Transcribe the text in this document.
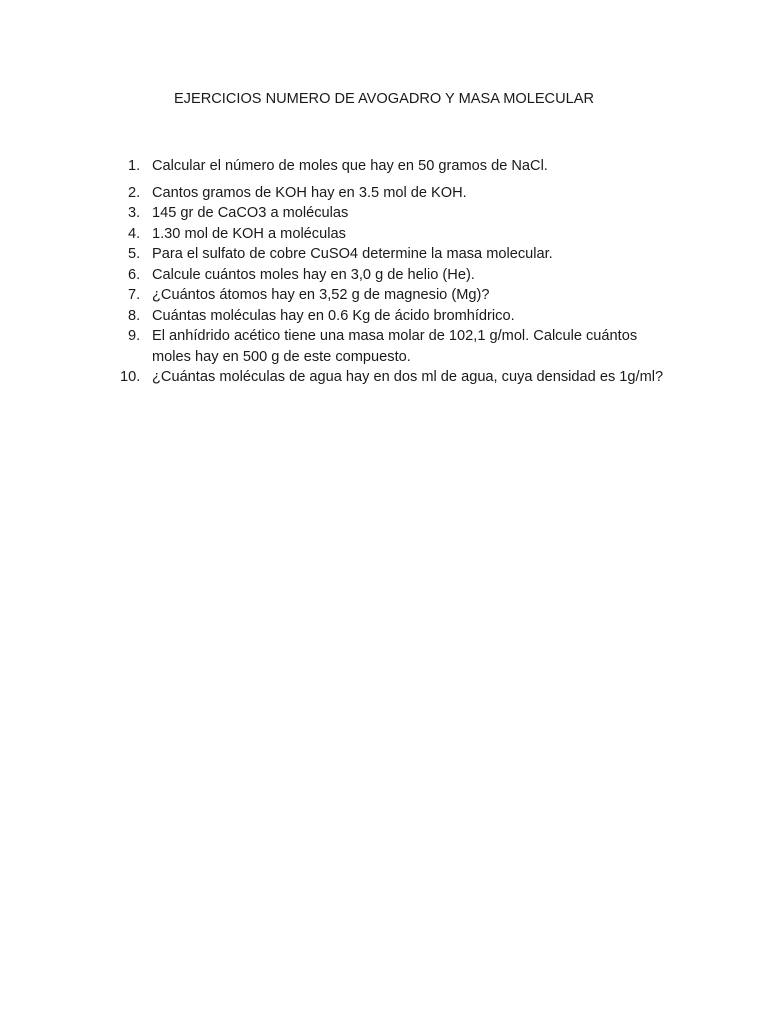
EJERCICIOS NUMERO DE AVOGADRO Y MASA MOLECULAR
1. Calcular el número de moles que hay en 50 gramos de NaCl.
2. Cantos gramos de KOH hay en 3.5 mol de KOH.
3. 145 gr de CaCO3 a moléculas
4. 1.30 mol de KOH a moléculas
5. Para el sulfato de cobre CuSO4 determine la masa molecular.
6. Calcule cuántos moles hay en 3,0 g de helio (He).
7. ¿Cuántos átomos hay en 3,52 g de magnesio (Mg)?
8. Cuántas moléculas hay en 0.6 Kg de ácido bromhídrico.
9. El anhídrido acético tiene una masa molar de 102,1 g/mol. Calcule cuántos moles hay en 500 g de este compuesto.
10. ¿Cuántas moléculas de agua hay en dos ml de agua, cuya densidad es 1g/ml?
